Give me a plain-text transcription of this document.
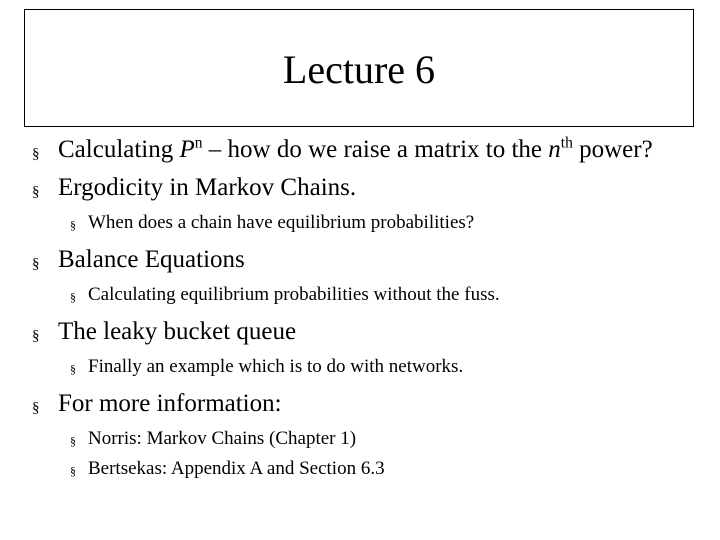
Lecture 6
§ Calculating $P^n$ – how do we raise a matrix to the $n^{th}$ power?
§ Ergodicity in Markov Chains.
§ When does a chain have equilibrium probabilities?
§ Balance Equations
§ Calculating equilibrium probabilities without the fuss.
§ The leaky bucket queue
§ Finally an example which is to do with networks.
§ For more information:
§ Norris: Markov Chains (Chapter 1)
§ Bertsekas: Appendix A and Section 6.3
